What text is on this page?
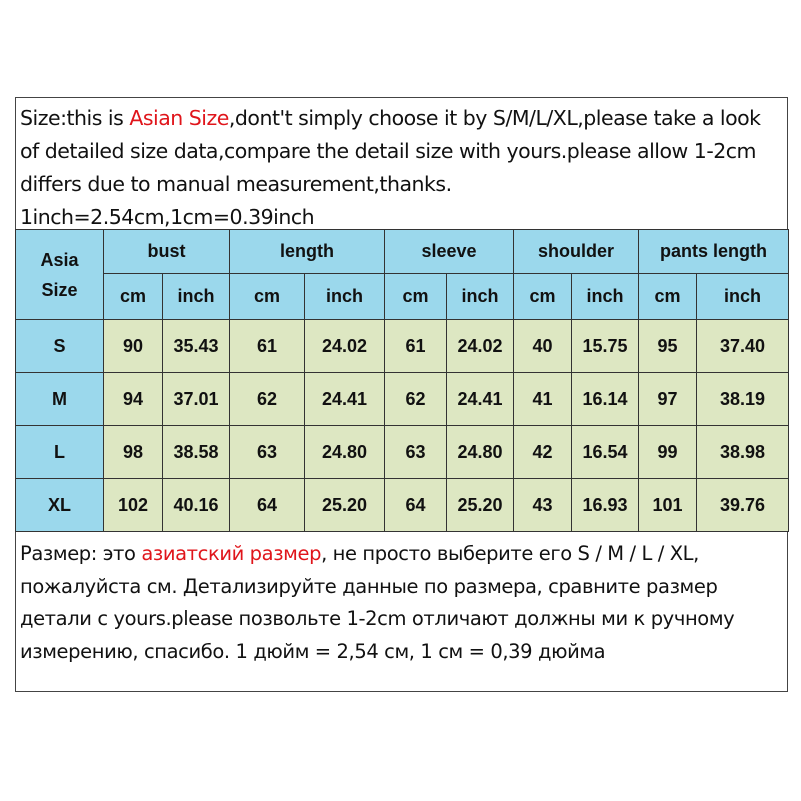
Size:this is Asian Size,dont't simply choose it by S/M/L/XL,please take a look of detailed size data,compare the detail size with yours.please allow 1-2cm differs due to manual measurement,thanks.
1inch=2.54cm,1cm=0.39inch
Asia
Size	bust		length		sleeve		shoulder		pants length	
	cm	inch	cm	inch	cm	inch	cm	inch	cm	inch
S	90	35.43	61	24.02	61	24.02	40	15.75	95	37.40
M	94	37.01	62	24.41	62	24.41	41	16.14	97	38.19
L	98	38.58	63	24.80	63	24.80	42	16.54	99	38.98
XL	102	40.16	64	25.20	64	25.20	43	16.93	101	39.76
Размер: это азиатский размер, не просто выберите его S / M / L / XL, пожалуйста см. Детализируйте данные по размера, сравните размер детали с yours.please позвольте 1-2cm отличают должны ми к ручному измерению, спасибо. 1 дюйм = 2,54 см, 1 см = 0,39 дюйма
